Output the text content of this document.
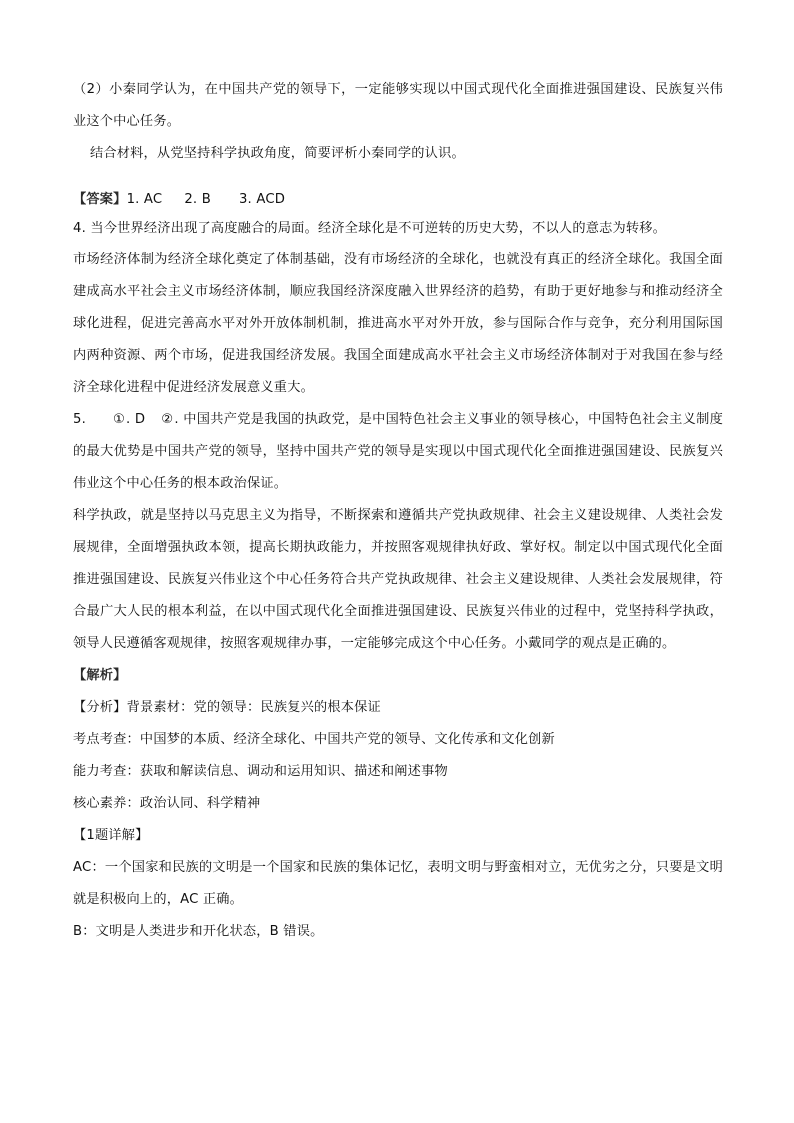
（2）小秦同学认为，在中国共产党的领导下，一定能够实现以中国式现代化全面推进强国建设、民族复兴伟业这个中心任务。

结合材料，从党坚持科学执政角度，简要评析小秦同学的认识。

【答案】1. AC 2. B 3. ACD

4. 当今世界经济出现了高度融合的局面。经济全球化是不可逆转的历史大势，不以人的意志为转移。

市场经济体制为经济全球化奠定了体制基础，没有市场经济的全球化，也就没有真正的经济全球化。我国全面建成高水平社会主义市场经济体制，顺应我国经济深度融入世界经济的趋势，有助于更好地参与和推动经济全球化进程，促进完善高水平对外开放体制机制，推进高水平对外开放，参与国际合作与竞争，充分利用国际国内两种资源、两个市场，促进我国经济发展。我国全面建成高水平社会主义市场经济体制对于对我国在参与经济全球化进程中促进经济发展意义重大。

5. ①. D ②. 中国共产党是我国的执政党，是中国特色社会主义事业的领导核心，中国特色社会主义制度的最大优势是中国共产党的领导，坚持中国共产党的领导是实现以中国式现代化全面推进强国建设、民族复兴伟业这个中心任务的根本政治保证。

科学执政，就是坚持以马克思主义为指导，不断探索和遵循共产党执政规律、社会主义建设规律、人类社会发展规律，全面增强执政本领，提高长期执政能力，并按照客观规律执好政、掌好权。制定以中国式现代化全面推进强国建设、民族复兴伟业这个中心任务符合共产党执政规律、社会主义建设规律、人类社会发展规律，符合最广大人民的根本利益，在以中国式现代化全面推进强国建设、民族复兴伟业的过程中，党坚持科学执政，领导人民遵循客观规律，按照客观规律办事，一定能够完成这个中心任务。小戴同学的观点是正确的。

【解析】

【分析】背景素材：党的领导：民族复兴的根本保证

考点考查：中国梦的本质、经济全球化、中国共产党的领导、文化传承和文化创新

能力考查：获取和解读信息、调动和运用知识、描述和阐述事物

核心素养：政治认同、科学精神

【1题详解】

AC：一个国家和民族的文明是一个国家和民族的集体记忆，表明文明与野蛮相对立，无优劣之分，只要是文明就是积极向上的，AC 正确。

B：文明是人类进步和开化状态，B 错误。
